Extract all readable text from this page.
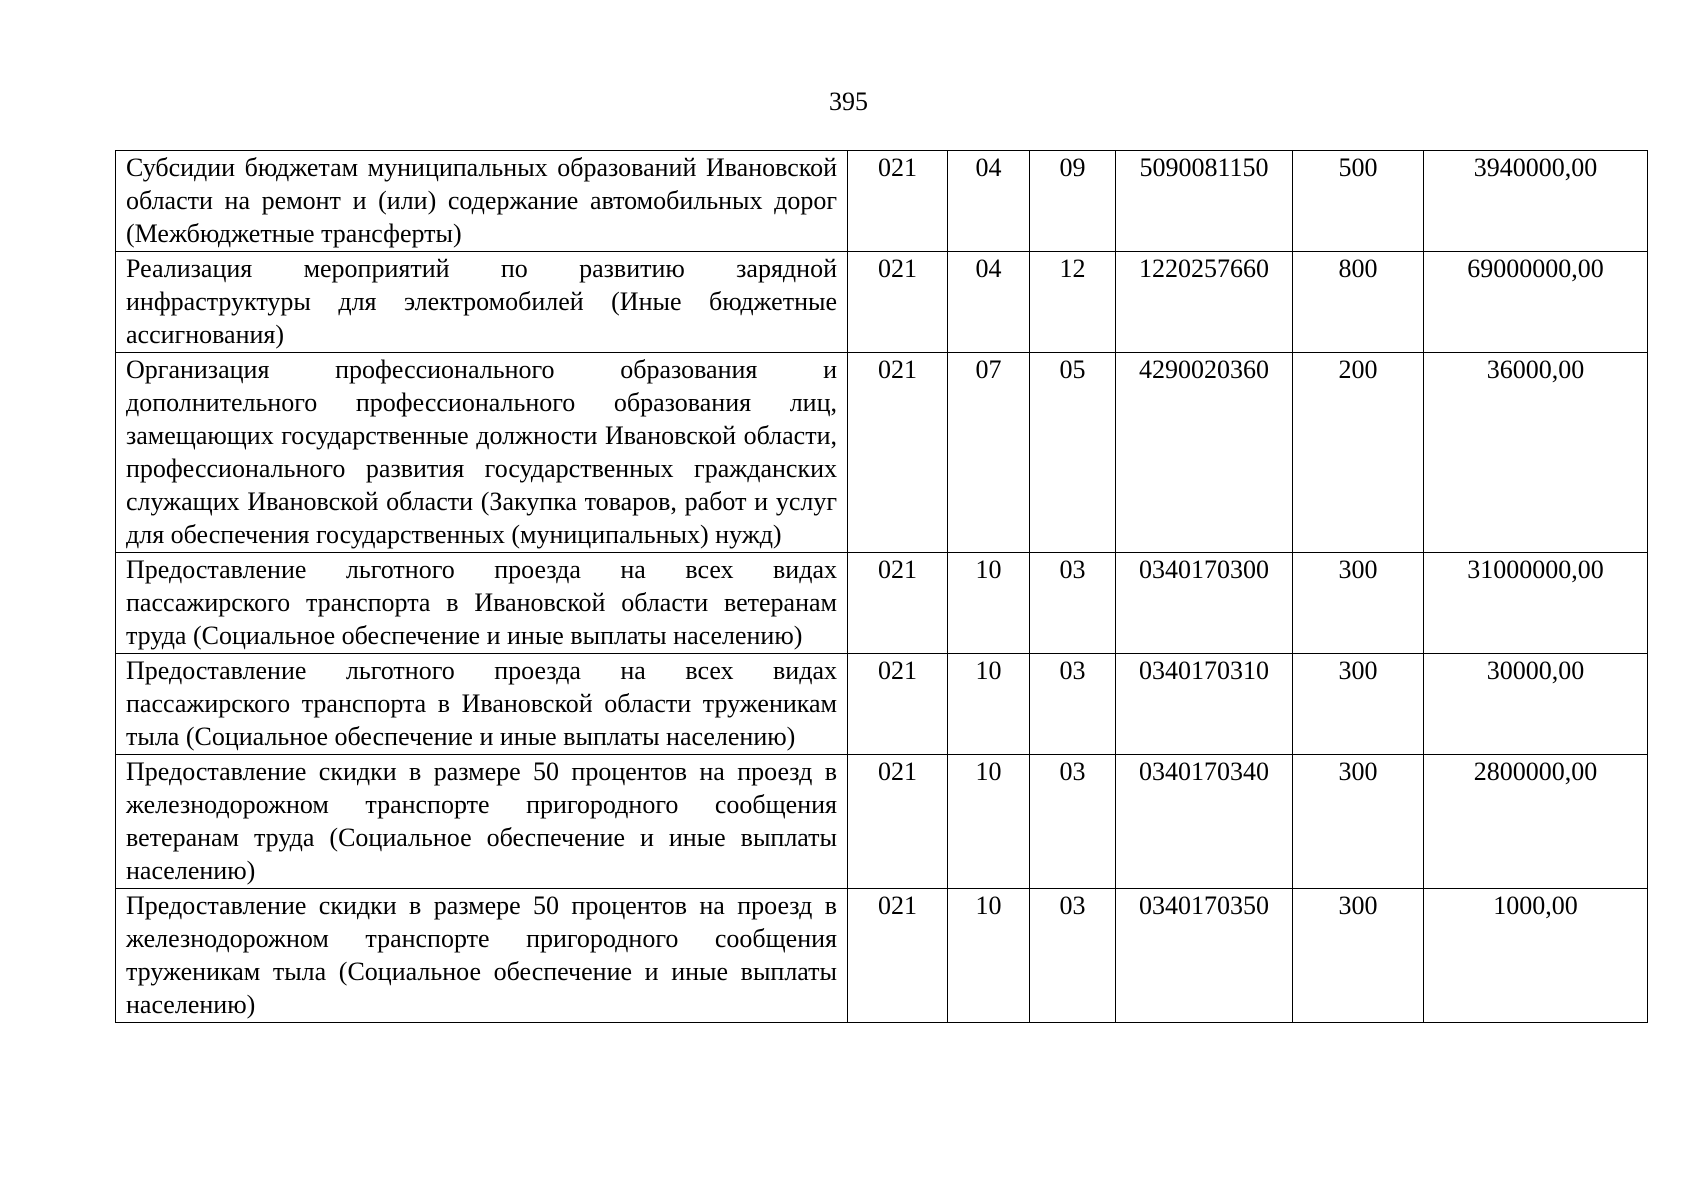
395
Субсидии бюджетам муниципальных образований Ивановской области на ремонт и (или) содержание автомобильных дорог (Межбюджетные трансферты)	021	04	09	5090081150	500	3940000,00
Реализация мероприятий по развитию зарядной инфраструктуры для электромобилей (Иные бюджетные ассигнования)	021	04	12	1220257660	800	69000000,00
Организация профессионального образования и дополнительного профессионального образования лиц, замещающих государственные должности Ивановской области, профессионального развития государственных гражданских служащих Ивановской области (Закупка товаров, работ и услуг для обеспечения государственных (муниципальных) нужд)	021	07	05	4290020360	200	36000,00
Предоставление льготного проезда на всех видах пассажирского транспорта в Ивановской области ветеранам труда (Социальное обеспечение и иные выплаты населению)	021	10	03	0340170300	300	31000000,00
Предоставление льготного проезда на всех видах пассажирского транспорта в Ивановской области труженикам тыла (Социальное обеспечение и иные выплаты населению)	021	10	03	0340170310	300	30000,00
Предоставление скидки в размере 50 процентов на проезд в железнодорожном транспорте пригородного сообщения ветеранам труда (Социальное обеспечение и иные выплаты населению)	021	10	03	0340170340	300	2800000,00
Предоставление скидки в размере 50 процентов на проезд в железнодорожном транспорте пригородного сообщения труженикам тыла (Социальное обеспечение и иные выплаты населению)	021	10	03	0340170350	300	1000,00
